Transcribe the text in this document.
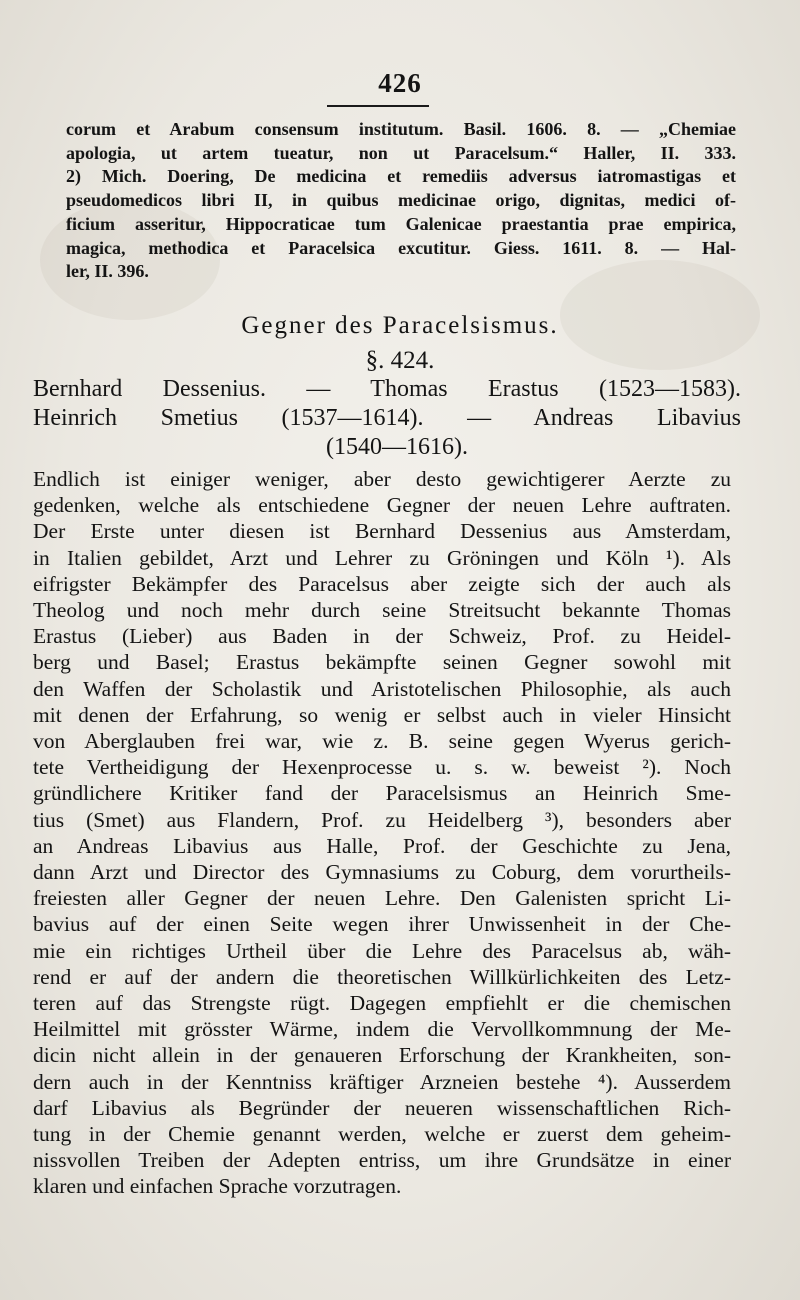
426
corum et Arabum consensum institutum. Basil. 1606. 8. — „Chemiae
apologia, ut artem tueatur, non ut Paracelsum.“ Haller, II. 333.
2) Mich. Doering, De medicina et remediis adversus iatromastigas et
pseudomedicos libri II, in quibus medicinae origo, dignitas, medici of-
ficium asseritur, Hippocraticae tum Galenicae praestantia prae empirica,
magica, methodica et Paracelsica excutitur. Giess. 1611. 8. — Hal-
ler, II. 396.
Gegner des Paracelsismus.
§. 424.
Bernhard Dessenius. — Thomas Erastus (1523—1583).
Heinrich Smetius (1537—1614). — Andreas Libavius
(1540—1616).
Endlich ist einiger weniger, aber desto gewichtigerer Aerzte zu
gedenken, welche als entschiedene Gegner der neuen Lehre auftraten.
Der Erste unter diesen ist Bernhard Dessenius aus Amsterdam,
in Italien gebildet, Arzt und Lehrer zu Gröningen und Köln ¹). Als
eifrigster Bekämpfer des Paracelsus aber zeigte sich der auch als
Theolog und noch mehr durch seine Streitsucht bekannte Thomas
Erastus (Lieber) aus Baden in der Schweiz, Prof. zu Heidel-
berg und Basel; Erastus bekämpfte seinen Gegner sowohl mit
den Waffen der Scholastik und Aristotelischen Philosophie, als auch
mit denen der Erfahrung, so wenig er selbst auch in vieler Hinsicht
von Aberglauben frei war, wie z. B. seine gegen Wyerus gerich-
tete Vertheidigung der Hexenprocesse u. s. w. beweist ²). Noch
gründlichere Kritiker fand der Paracelsismus an Heinrich Sme-
tius (Smet) aus Flandern, Prof. zu Heidelberg ³), besonders aber
an Andreas Libavius aus Halle, Prof. der Geschichte zu Jena,
dann Arzt und Director des Gymnasiums zu Coburg, dem vorurtheils-
freiesten aller Gegner der neuen Lehre. Den Galenisten spricht Li-
bavius auf der einen Seite wegen ihrer Unwissenheit in der Che-
mie ein richtiges Urtheil über die Lehre des Paracelsus ab, wäh-
rend er auf der andern die theoretischen Willkürlichkeiten des Letz-
teren auf das Strengste rügt. Dagegen empfiehlt er die chemischen
Heilmittel mit grösster Wärme, indem die Vervollkommnung der Me-
dicin nicht allein in der genaueren Erforschung der Krankheiten, son-
dern auch in der Kenntniss kräftiger Arzneien bestehe ⁴). Ausserdem
darf Libavius als Begründer der neueren wissenschaftlichen Rich-
tung in der Chemie genannt werden, welche er zuerst dem geheim-
nissvollen Treiben der Adepten entriss, um ihre Grundsätze in einer
klaren und einfachen Sprache vorzutragen.
